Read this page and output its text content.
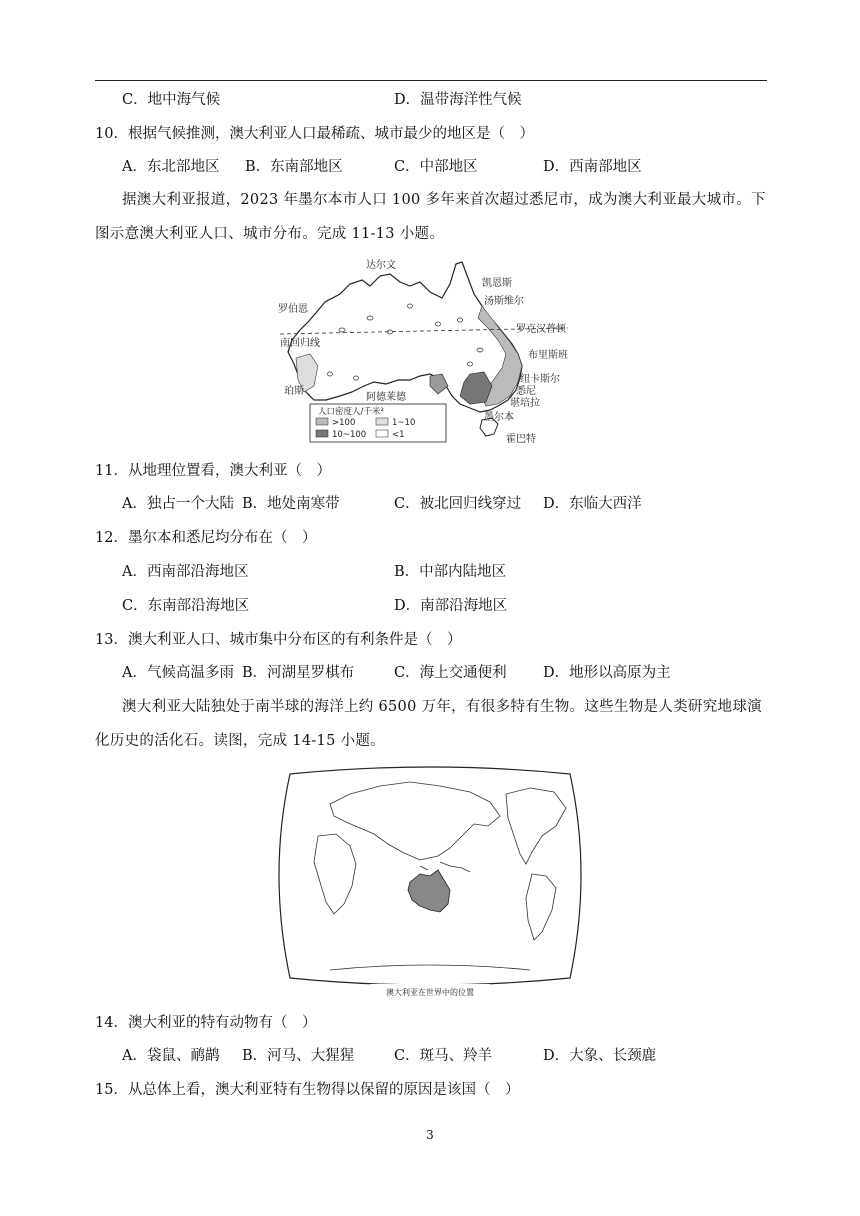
C．地中海气候	D．温带海洋性气候
10．根据气候推测，澳大利亚人口最稀疏、城市最少的地区是（　）
A．东北部地区 B．东南部地区	C．中部地区	D．西南部地区
据澳大利亚报道，2023 年墨尔本市人口 100 多年来首次超过悉尼市，成为澳大利亚最大城市。下
图示意澳大利亚人口、城市分布。完成 11-13 小题。
达尔文
凯恩斯
汤斯维尔
罗伯恩
罗克汉普顿
南回归线
布里斯班
纽卡斯尔
悉尼
堪培拉
珀斯
阿德莱德
墨尔本
霍巴特
人口密度人/千米²
>100	1~10
10~100	<1
11．从地理位置看，澳大利亚（　）
A．独占一个大陆 B．地处南寒带	C．被北回归线穿过 D．东临大西洋
12．墨尔本和悉尼均分布在（　）
A．西南部沿海地区	B．中部内陆地区
C．东南部沿海地区	D．南部沿海地区
13．澳大利亚人口、城市集中分布区的有利条件是（　）
A．气候高温多雨 B．河湖星罗棋布	C．海上交通便利	D．地形以高原为主
澳大利亚大陆独处于南半球的海洋上约 6500 万年，有很多特有生物。这些生物是人类研究地球演
化历史的活化石。读图，完成 14-15 小题。
澳大利亚在世界中的位置
14．澳大利亚的特有动物有（　）
A．袋鼠、鸸鹋 B．河马、大猩猩	C．斑马、羚羊	D．大象、长颈鹿
15．从总体上看，澳大利亚特有生物得以保留的原因是该国（　）
3
